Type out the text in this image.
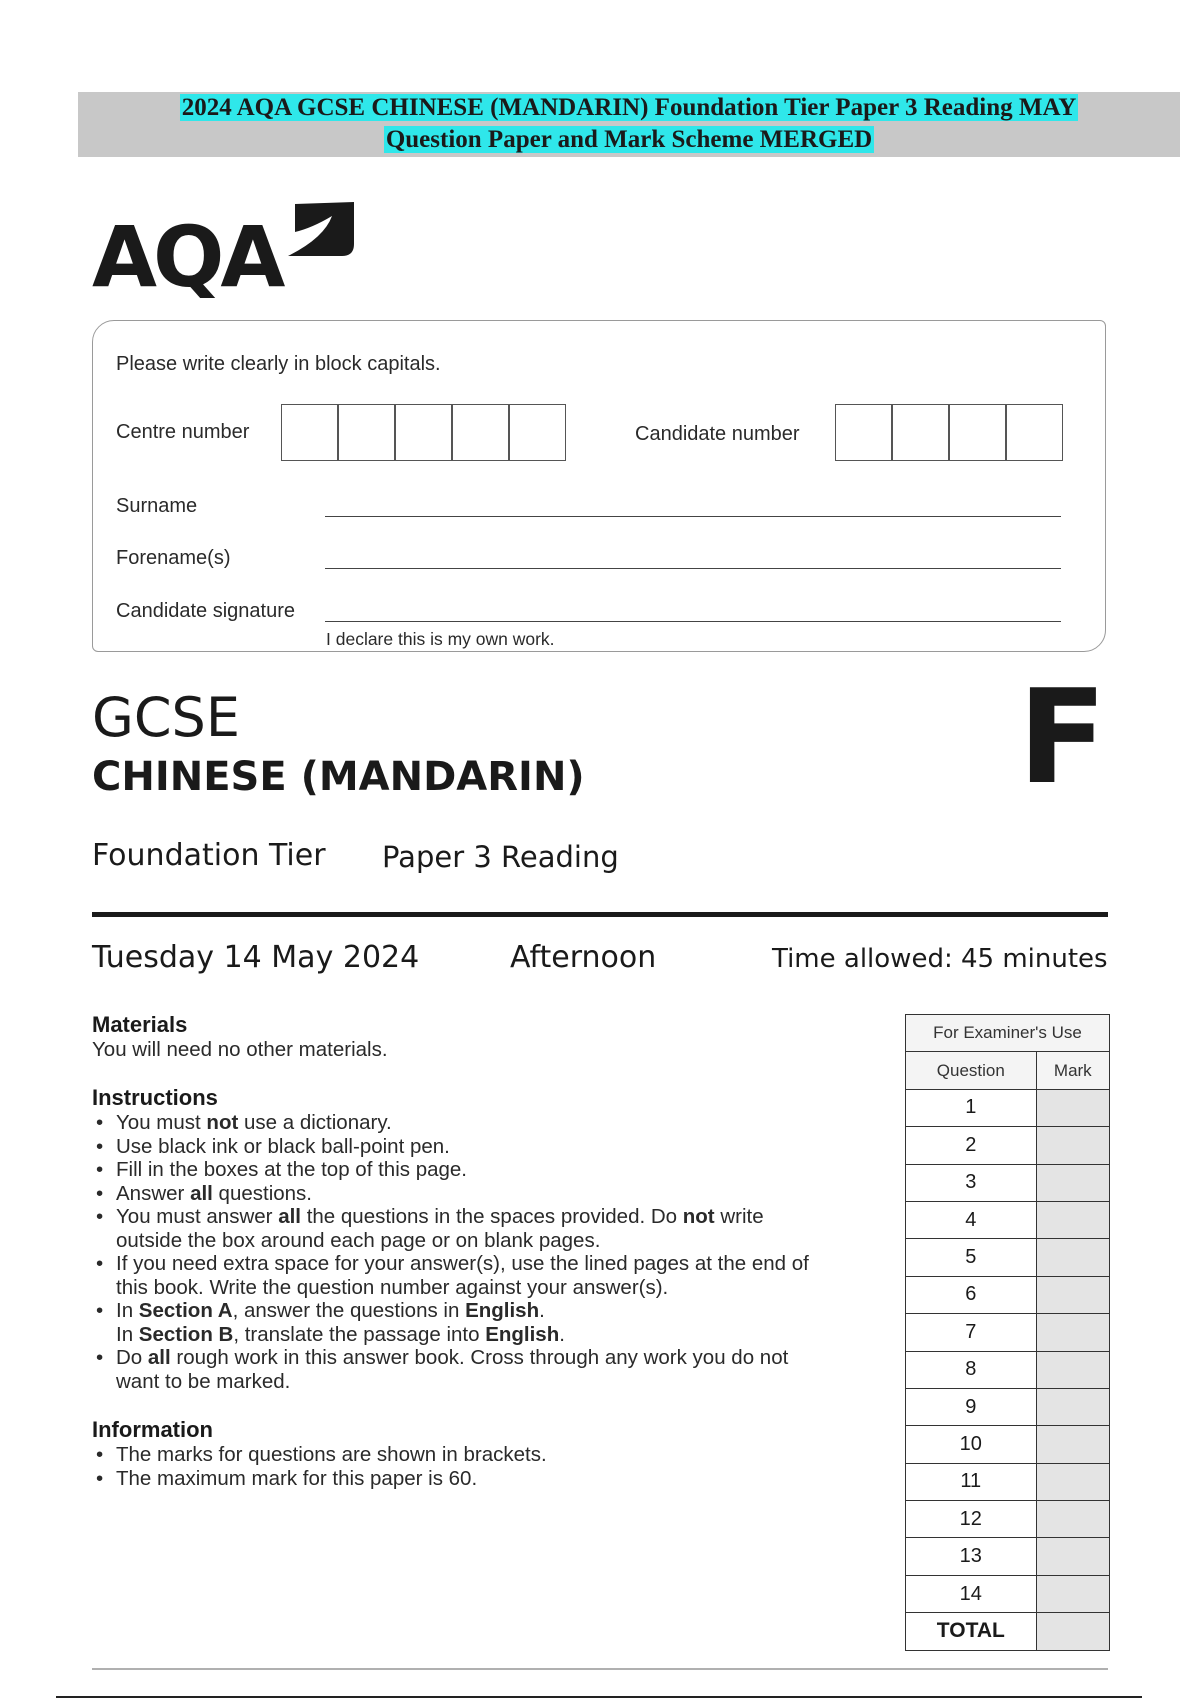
2024 AQA GCSE CHINESE (MANDARIN) Foundation Tier Paper 3 Reading MAY
Question Paper and Mark Scheme MERGED
AQA
Please write clearly in block capitals.
Centre number	Candidate number
Surname
Forename(s)
Candidate signature
I declare this is my own work.
GCSE
CHINESE (MANDARIN)	F
Foundation Tier Paper 3 Reading
Tuesday 14 May 2024	Afternoon	Time allowed: 45 minutes
Materials
You will need no other materials.
Instructions
• You must not use a dictionary.
• Use black ink or black ball-point pen.
• Fill in the boxes at the top of this page.
• Answer all questions.
• You must answer all the questions in the spaces provided. Do not write
outside the box around each page or on blank pages.
• If you need extra space for your answer(s), use the lined pages at the end of
this book. Write the question number against your answer(s).
• In Section A, answer the questions in English.
In Section B, translate the passage into English.
• Do all rough work in this answer book. Cross through any work you do not
want to be marked.
Information
• The marks for questions are shown in brackets.
• The maximum mark for this paper is 60.
For Examiner's Use	
Question	Mark
1	
2	
3	
4	
5	
6	
7	
8	
9	
10	
11	
12	
13	
14	
TOTAL	
